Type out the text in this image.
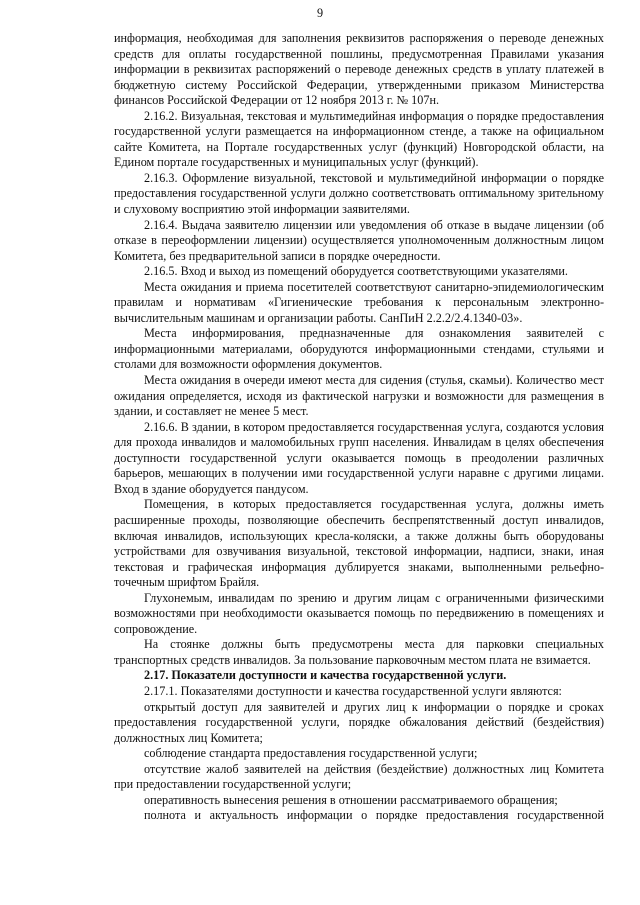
9

информация, необходимая для заполнения реквизитов распоряжения о переводе денежных средств для оплаты государственной пошлины, предусмотренная Правилами указания информации в реквизитах распоряжений о переводе денежных средств в уплату платежей в бюджетную систему Российской Федерации, утвержденными приказом Министерства финансов Российской Федерации от 12 ноября 2013 г. № 107н.

2.16.2. Визуальная, текстовая и мультимедийная информация о порядке предоставления государственной услуги размещается на информационном стенде, а также на официальном сайте Комитета, на Портале государственных услуг (функций) Новгородской области, на Едином портале государственных и муниципальных услуг (функций).

2.16.3. Оформление визуальной, текстовой и мультимедийной информации о порядке предоставления государственной услуги должно соответствовать оптимальному зрительному и слуховому восприятию этой информации заявителями.

2.16.4. Выдача заявителю лицензии или уведомления об отказе в выдаче лицензии (об отказе в переоформлении лицензии) осуществляется уполномоченным должностным лицом Комитета, без предварительной записи в порядке очередности.

2.16.5. Вход и выход из помещений оборудуется соответствующими указателями.

Места ожидания и приема посетителей соответствуют санитарно-эпидемиологическим правилам и нормативам «Гигиенические требования к персональным электронно-вычислительным машинам и организации работы. СанПиН 2.2.2/2.4.1340-03».

Места информирования, предназначенные для ознакомления заявителей с информационными материалами, оборудуются информационными стендами, стульями и столами для возможности оформления документов.

Места ожидания в очереди имеют места для сидения (стулья, скамьи). Количество мест ожидания определяется, исходя из фактической нагрузки и возможности для размещения в здании, и составляет не менее 5 мест.

2.16.6. В здании, в котором предоставляется государственная услуга, создаются условия для прохода инвалидов и маломобильных групп населения. Инвалидам в целях обеспечения доступности государственной услуги оказывается помощь в преодолении различных барьеров, мешающих в получении ими государственной услуги наравне с другими лицами. Вход в здание оборудуется пандусом.

Помещения, в которых предоставляется государственная услуга, должны иметь расширенные проходы, позволяющие обеспечить беспрепятственный доступ инвалидов, включая инвалидов, использующих кресла-коляски, а также должны быть оборудованы устройствами для озвучивания визуальной, текстовой информации, надписи, знаки, иная текстовая и графическая информация дублируется знаками, выполненными рельефно-точечным шрифтом Брайля.

Глухонемым, инвалидам по зрению и другим лицам с ограниченными физическими возможностями при необходимости оказывается помощь по передвижению в помещениях и сопровождение.

На стоянке должны быть предусмотрены места для парковки специальных транспортных средств инвалидов. За пользование парковочным местом плата не взимается.

2.17. Показатели доступности и качества государственной услуги.

2.17.1. Показателями доступности и качества государственной услуги являются:

открытый доступ для заявителей и других лиц к информации о порядке и сроках предоставления государственной услуги, порядке обжалования действий (бездействия) должностных лиц Комитета;

соблюдение стандарта предоставления государственной услуги;

отсутствие жалоб заявителей на действия (бездействие) должностных лиц Комитета при предоставлении государственной услуги;

оперативность вынесения решения в отношении рассматриваемого обращения;

полнота и актуальность информации о порядке предоставления государственной
